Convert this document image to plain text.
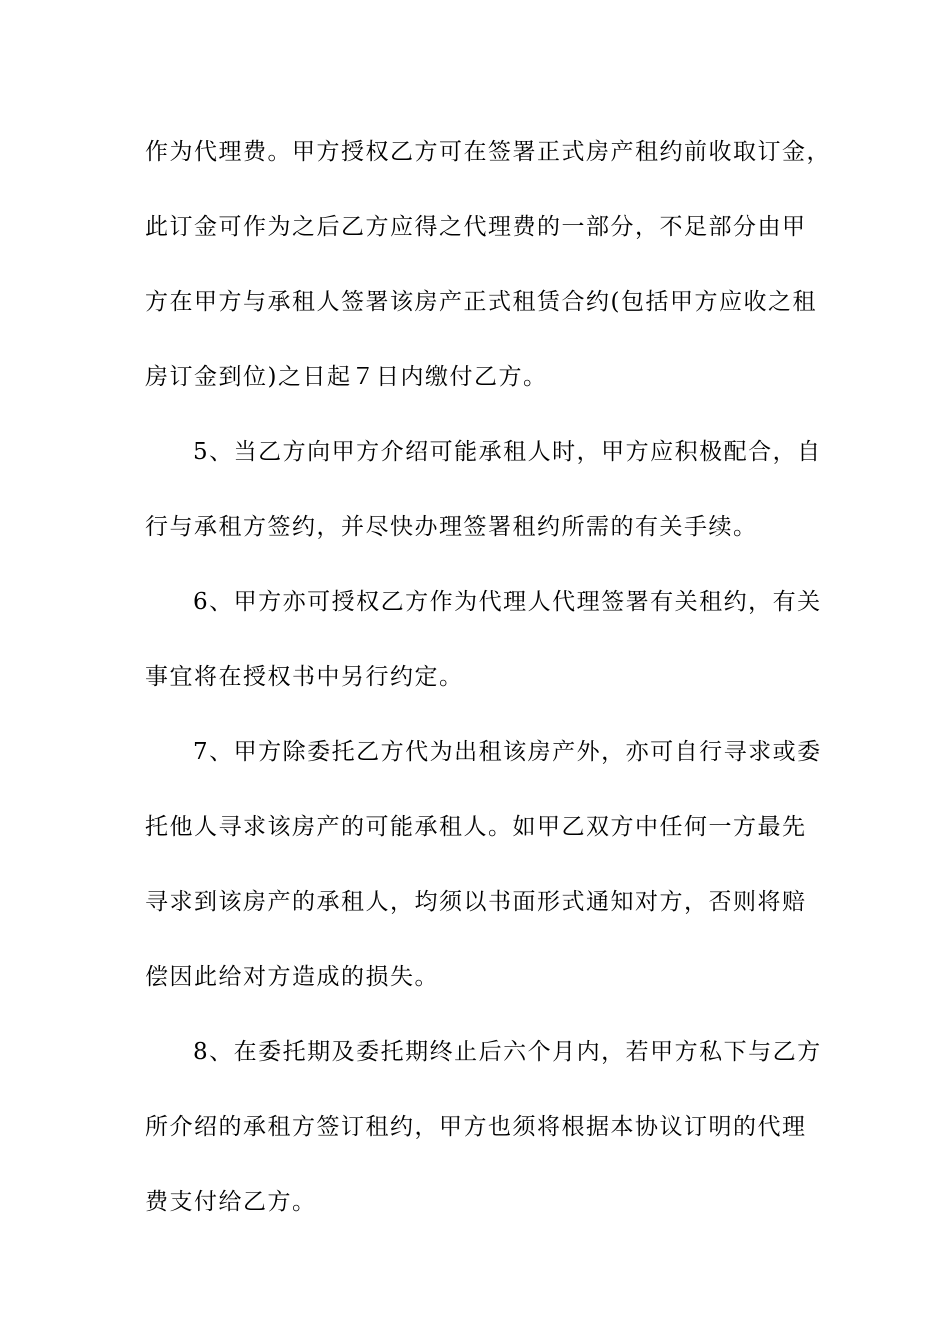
作为代理费。甲方授权乙方可在签署正式房产租约前收取订金，
此订金可作为之后乙方应得之代理费的一部分，不足部分由甲
方在甲方与承租人签署该房产正式租赁合约(包括甲方应收之租
房订金到位)之日起７日内缴付乙方。
5、当乙方向甲方介绍可能承租人时，甲方应积极配合，自
行与承租方签约，并尽快办理签署租约所需的有关手续。
6、甲方亦可授权乙方作为代理人代理签署有关租约，有关
事宜将在授权书中另行约定。
7、甲方除委托乙方代为出租该房产外，亦可自行寻求或委
托他人寻求该房产的可能承租人。如甲乙双方中任何一方最先
寻求到该房产的承租人，均须以书面形式通知对方，否则将赔
偿因此给对方造成的损失。
8、在委托期及委托期终止后六个月内，若甲方私下与乙方
所介绍的承租方签订租约，甲方也须将根据本协议订明的代理
费支付给乙方。
